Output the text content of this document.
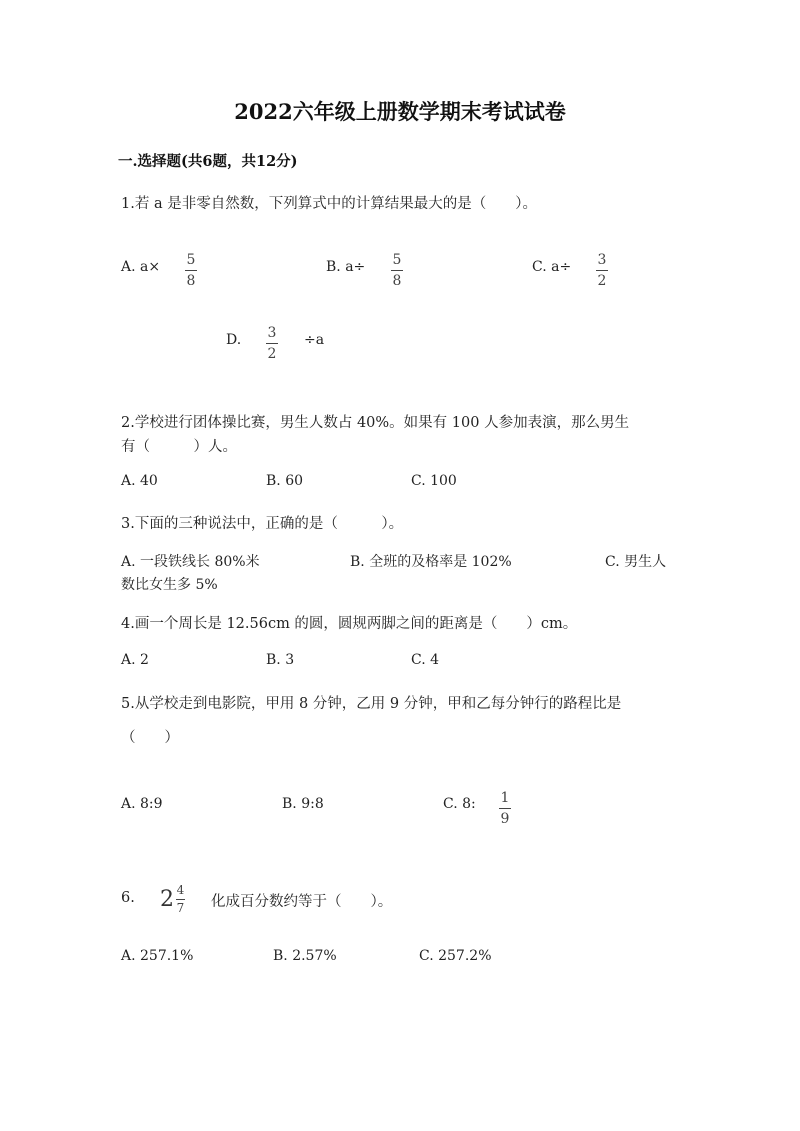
2022六年级上册数学期末考试试卷
一.选择题(共6题，共12分)
1.若 a 是非零自然数，下列算式中的计算结果最大的是（　　）。
A. a× 5
8
B. a÷ 5
8
C. a÷ 3
2
D. 3
2
÷a
2.学校进行团体操比赛，男生人数占 40%。如果有 100 人参加表演，那么男生
有（　　　）人。
A. 40	B. 60	C. 100
3.下面的三种说法中，正确的是（　　　）。
A. 一段铁线长 80%米	B. 全班的及格率是 102%	C. 男生人
数比女生多 5%
4.画一个周长是 12.56cm 的圆，圆规两脚之间的距离是（　　）cm。
A. 2	B. 3	C. 4
5.从学校走到电影院，甲用 8 分钟，乙用 9 分钟，甲和乙每分钟行的路程比是
（　　）
A. 8:9	B. 9:8	C. 8: 1
9
6. $2 \frac{4}{7}$ 化成百分数约等于（　　）。
A. 257.1%	B. 2.57%	C. 257.2%
